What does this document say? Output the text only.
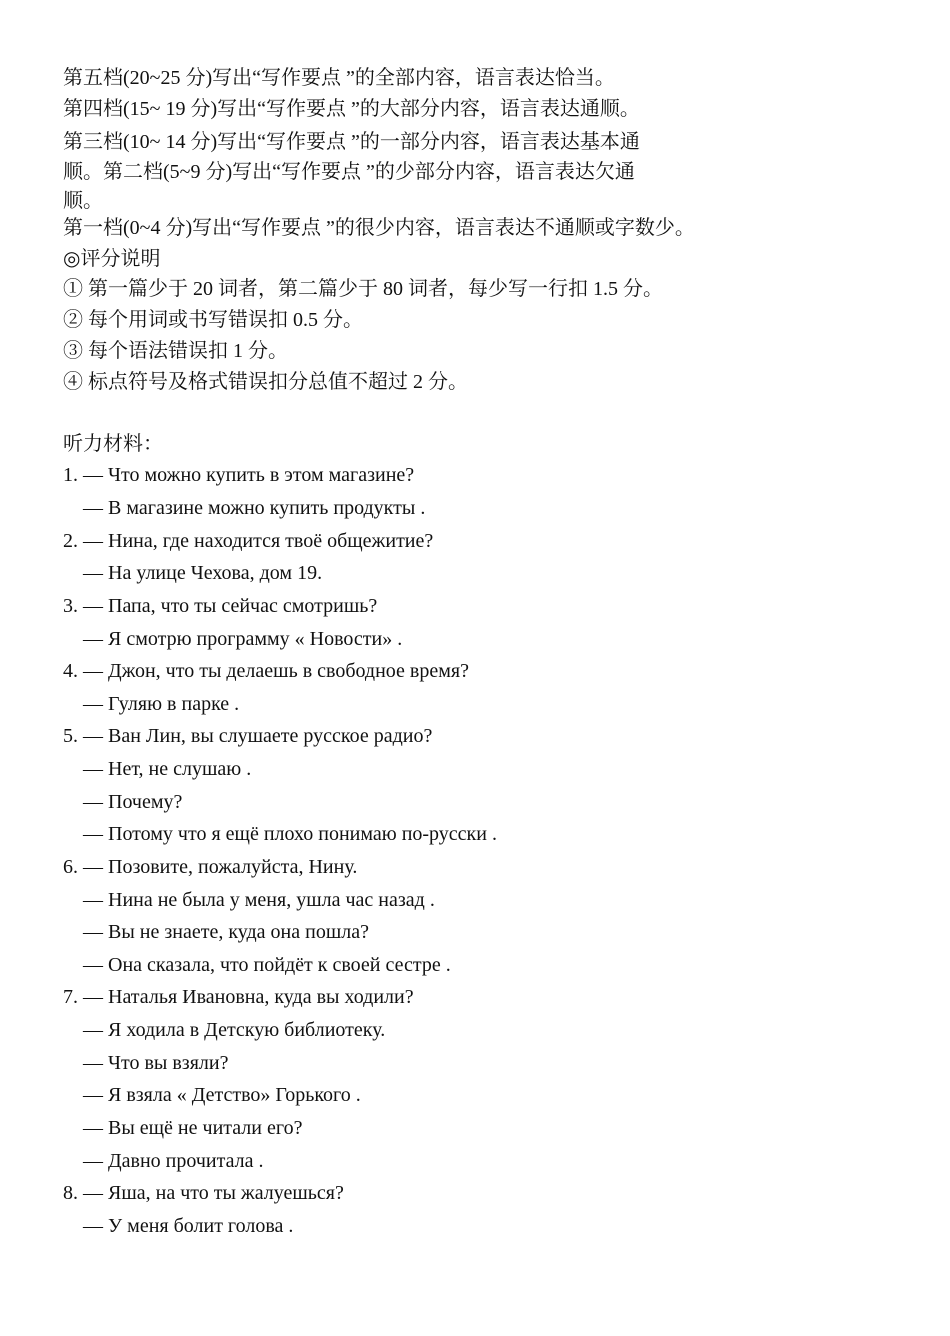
第五档(20~25 分)写出“写作要点 ”的全部内容，语言表达恰当。
第四档(15~ 19 分)写出“写作要点 ”的大部分内容，语言表达通顺。
第三档(10~ 14 分)写出“写作要点 ”的一部分内容，语言表达基本通
顺。第二档(5~9 分)写出“写作要点 ”的少部分内容，语言表达欠通
顺。
第一档(0~4 分)写出“写作要点 ”的很少内容，语言表达不通顺或字数少。
◎评分说明
① 第一篇少于 20 词者，第二篇少于 80 词者，每少写一行扣 1.5 分。
② 每个用词或书写错误扣 0.5 分。
③ 每个语法错误扣 1 分。
④ 标点符号及格式错误扣分总值不超过 2 分。
听力材料：
1. — Что можно купить в этом магазине?
— В магазине можно купить продукты .
2. — Нина, где находится твоё общежитие?
— На улице Чехова, дом 19.
3. — Папа, что ты сейчас смотришь?
— Я смотрю программу « Новости» .
4. — Джон, что ты делаешь в свободное время?
— Гуляю в парке .
5. — Ван Лин, вы слушаете русское радио?
— Нет, не слушаю .
— Почему?
— Потому что я ещё плохо понимаю по-русски .
6. — Позовите, пожалуйста, Нину.
— Нина не была у меня, ушла час назад .
— Вы не знаете, куда она пошла?
— Она сказала, что пойдёт к своей сестре .
7. — Наталья Ивановна, куда вы ходили?
— Я ходила в Детскую библиотеку.
— Что вы взяли?
— Я взяла « Детство» Горького .
— Вы ещё не читали его?
— Давно прочитала .
8. — Яша, на что ты жалуешься?
— У меня болит голова .
